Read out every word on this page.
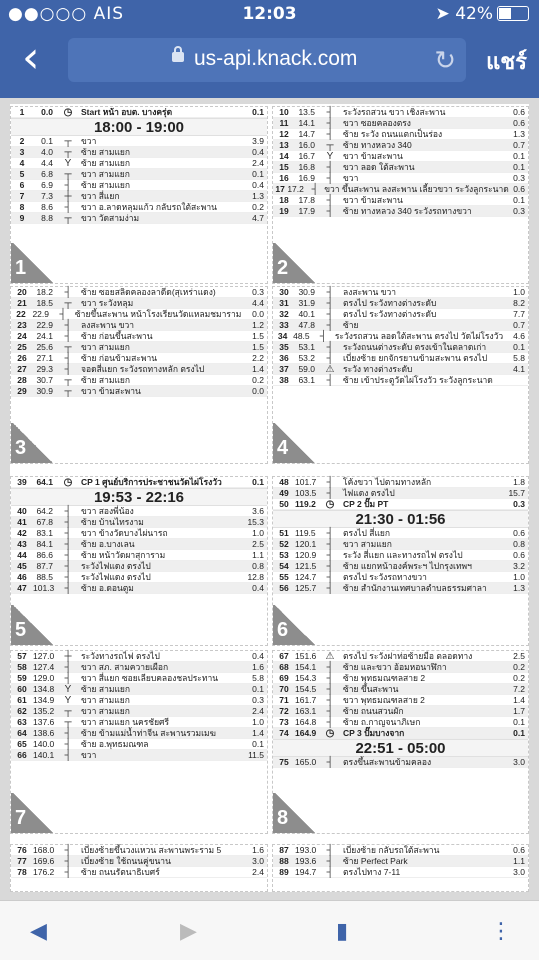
●●○○○ AIS	12:03	➤ 42%
‹	us-api.knack.com	↻ แชร์
1	0.0	◷	Start หน้า อบต. บางครุ่ด	0.1
18:00 - 19:00
2	0.1	┬	ขวา	3.9
3	4.0	┬	ซ้าย สามแยก	0.4
4	4.4	Y	ซ้าย สามแยก	2.4
5	6.8	┬	ขวา สามแยก	0.1
6	6.9	┤	ซ้าย สามแยก	0.4
7	7.3	┼	ขวา สี่แยก	1.3
8	8.6	┤	ขวา อ.ลาดหลุมแก้ว กลับรถใต้สะพาน	0.2
9	8.8	┬	ขวา วัดสามง่าม	4.7
1
10	13.5	┤	ระวังรถสวน ขวา เชิงสะพาน	0.6
11	14.1	┤	ขวา ซอยคลองตรง	0.6
12	14.7	┤	ซ้าย ระวัง ถนนแตกเป็นร่อง	1.3
13	16.0	┬	ซ้าย ทางหลวง 340	0.7
14	16.7	Y	ขวา ข้ามสะพาน	0.1
15	16.8	┤	ขวา ลอด ใต้สะพาน	0.1
16	16.9	┤	ขวา	0.3
17 17.2 ┤ ขวา ขึ้นสะพาน ลงสะพาน เลี้ยวขวา ระวังลูกระนาด 0.6
18	17.8	┤	ขวา ข้ามสะพาน	0.1
19	17.9	┤	ซ้าย ทางหลวง 340 ระวังรถทางขวา	0.3
2
20	18.2	┤	ซ้าย ซอยสลิดคลองลาดีด(สุเหร่าแดง)	0.3
21	18.5	┬	ขวา ระวังหลุม	4.4
22 22.9	┤ ซ้ายขึ้นสะพาน หน้าโรงเรียนวัดแหลมชมาราม	0.0
23	22.9	┤	ลงสะพาน ขวา	1.2
24	24.1	┤	ซ้าย ก่อนขึ้นสะพาน	1.5
25	25.6	┬	ขวา สามแยก	1.5
26	27.1	┤	ซ้าย ก่อนข้ามสะพาน	2.2
27	29.3	┤	จอดสี่แยก ระวังรถทางหลัก ตรงไป	1.4
28	30.7	┬	ซ้าย สามแยก	0.2
29	30.9	┬	ขวา ข้ามสะพาน	0.0
3
30	30.9	┤	ลงสะพาน ขวา	1.0
31	31.9	┤	ตรงไป ระวังทางต่างระดับ	8.2
32	40.1	┤	ตรงไป ระวังทางต่างระดับ	7.7
33	47.8	┤	ซ้าย	0.7
34 48.5	┤ ระวังรถสวน ลอดใต้สะพาน ตรงไป วัดไผ่โรงวัว	4.6
35	53.1	┤	ระวังถนนต่างระดับ ตรงเข้าในตลาดเก่า	0.1
36	53.2	┤	เบี่ยงซ้าย ยกจักรยานข้ามสะพาน ตรงไป	5.8
37	59.0	⚠	ระวัง ทางต่างระดับ	4.1
38	63.1	┤	ซ้าย เข้าประตูวัดไผ่โรงวัว ระวังลูกระนาด
4
39	64.1	◷	CP 1 ศูนย์บริการประชาชนวัดไผ่โรงวัว	0.1
19:53 - 22:16
40	64.2	┤	ขวา สองพี่น้อง	3.6
41	67.8	┤	ซ้าย บ้านไทรงาม	15.3
42	83.1	┤	ขวา ข้างวัดบางไผ่นารถ	1.0
43	84.1	┤	ซ้าย อ.บางเลน	2.5
44	86.6	┤	ซ้าย หน้าวัดผาสุการาม	1.1
45	87.7	┤	ระวังไฟแดง ตรงไป	0.8
46	88.5	┤	ระวังไฟแดง ตรงไป	12.8
47 101.3	┤	ซ้าย อ.ดอนตูม	0.4
5
48 101.7	┤	โค้งขวา ไปตามทางหลัก	1.8
49 103.5	┤	ไฟแดง ตรงไป	15.7
50 119.2 ◷	CP 2 ปั๊ม PT	0.3
21:30 - 01:56
51 119.5	┤	ตรงไป สี่แยก	0.6
52 120.1	┤	ขวา สามแยก	0.8
53 120.9	┤	ระวัง สี่แยก และทางรถไฟ ตรงไป	0.6
54 121.5	┤	ซ้าย แยกหน้าองค์พระฯ ไปกรุงเทพฯ	3.2
55 124.7	┤	ตรงไป ระวังรถทางขวา	1.0
56 125.7	┤	ซ้าย สำนักงานเทศบาลตำบลธรรมศาลา	1.3
6
57 127.0	┼	ระวังทางรถไฟ ตรงไป	0.4
58 127.4	┤	ขวา สภ. สามควายเผือก	1.6
59 129.0	┤	ขวา สี่แยก ซอยเลียบคลองชลประทาน	5.8
60 134.8	Y	ซ้าย สามแยก	0.1
61 134.9	Y	ขวา สามแยก	0.3
62 135.2	┬	ขวา สามแยก	2.4
63 137.6	┬	ขวา สามแยก นครชัยศรี	1.0
64 138.6	┤	ซ้าย ข้ามแม่น้ำท่าจีน สะพานรวมเมฆ	1.4
65 140.0	┤	ซ้าย อ.พุทธมณฑล	0.1
66 140.1	┤	ขวา	11.5
7
67 151.6 ⚠	ตรงไป ระวังฝาท่อซ้ายมือ ตลอดทาง	2.5
68 154.1	┤	ซ้าย และขวา อ้อมหอนาฬิกา	0.2
69 154.3	┤	ซ้าย พุทธมณฑลสาย 2	0.2
70 154.5	┤	ซ้าย ขึ้นสะพาน	7.2
71 161.7	┤	ขวา พุทธมณฑลสาย 2	1.4
72 163.1	┤	ซ้าย ถนนสวนผัก	1.7
73 164.8	┤	ซ้าย ถ.กาญจนาภิเษก	0.1
74 164.9 ◷	CP 3 ปั๊มบางจาก	0.1
22:51 - 05:00
75 165.0	┤	ตรงขึ้นสะพานข้ามคลอง	3.0
8
76 168.0	┤	เบี่ยงซ้ายขึ้นวงแหวน สะพานพระราม 5	1.6
77 169.6	┤	เบี่ยงซ้าย ใช้ถนนคู่ขนาน	3.0
78 176.2	┤	ซ้าย ถนนรัตนาธิเบศร์	2.4
87 193.0	┤	เบี่ยงซ้าย กลับรถใต้สะพาน	0.6
88 193.6	┤	ซ้าย Perfect Park	1.1
89 194.7	┤	ตรงไปทาง 7-11	3.0
◀	▶	▮	⋮
